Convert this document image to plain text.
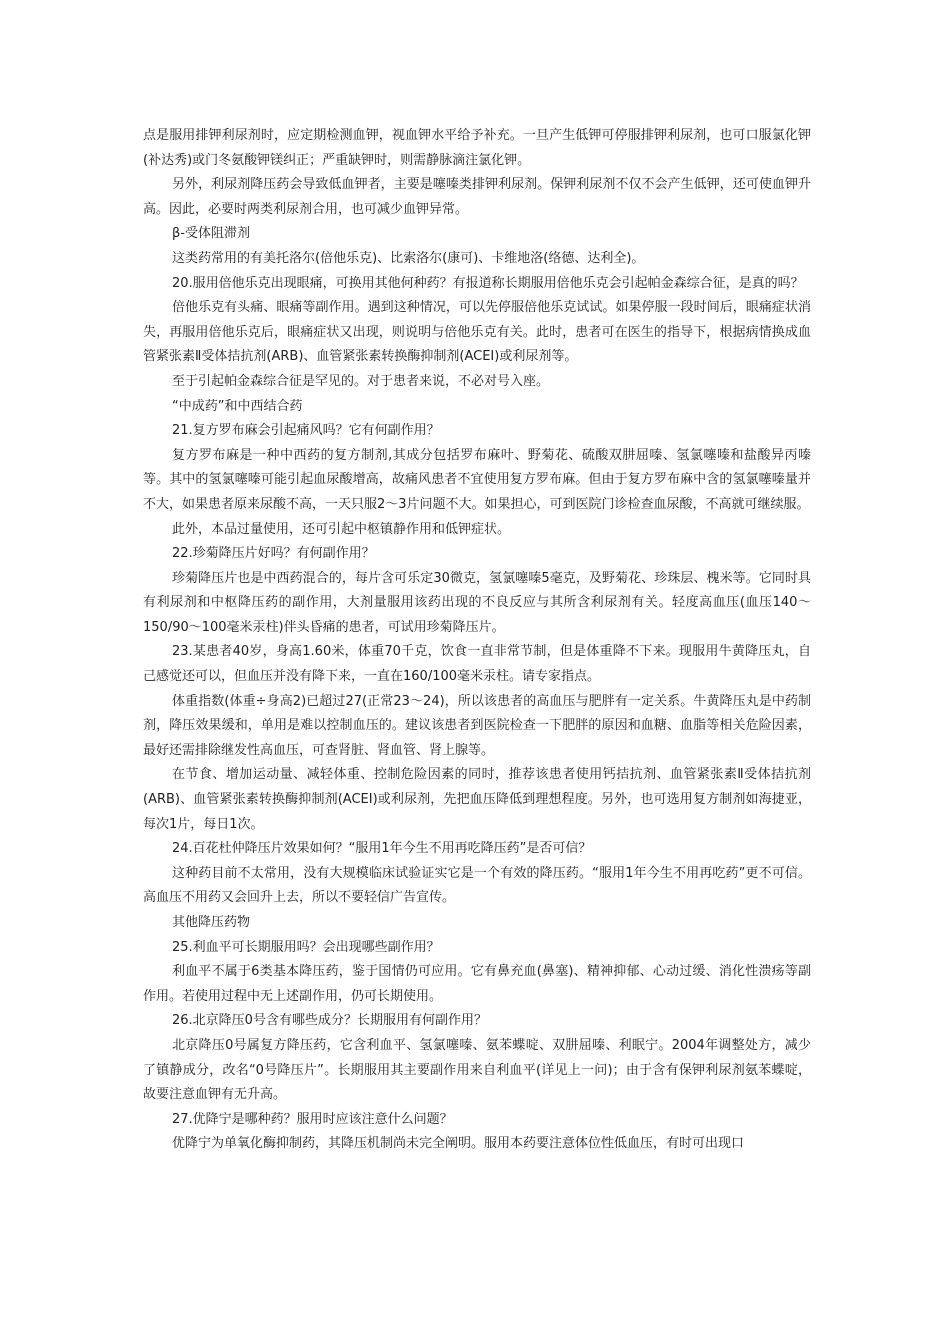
点是服用排钾利尿剂时，应定期检测血钾，视血钾水平给予补充。一旦产生低钾可停服排钾利尿剂，也可口服氯化钾(补达秀)或门冬氨酸钾镁纠正；严重缺钾时，则需静脉滴注氯化钾。

另外，利尿剂降压药会导致低血钾者，主要是噻嗪类排钾利尿剂。保钾利尿剂不仅不会产生低钾，还可使血钾升高。因此，必要时两类利尿剂合用，也可减少血钾异常。

β-受体阻滞剂

这类药常用的有美托洛尔(倍他乐克)、比索洛尔(康可)、卡维地洛(络德、达利全)。

20.服用倍他乐克出现眼痛，可换用其他何种药？有报道称长期服用倍他乐克会引起帕金森综合征，是真的吗？

倍他乐克有头痛、眼痛等副作用。遇到这种情况，可以先停服倍他乐克试试。如果停服一段时间后，眼痛症状消失，再服用倍他乐克后，眼痛症状又出现，则说明与倍他乐克有关。此时，患者可在医生的指导下，根据病情换成血管紧张素Ⅱ受体拮抗剂(ARB)、血管紧张素转换酶抑制剂(ACEI)或利尿剂等。

至于引起帕金森综合征是罕见的。对于患者来说，不必对号入座。

“中成药”和中西结合药

21.复方罗布麻会引起痛风吗？它有何副作用？

复方罗布麻是一种中西药的复方制剂,其成分包括罗布麻叶、野菊花、硫酸双肼屈嗪、氢氯噻嗪和盐酸异丙嗪等。其中的氢氯噻嗪可能引起血尿酸增高，故痛风患者不宜使用复方罗布麻。但由于复方罗布麻中含的氢氯噻嗪量并不大，如果患者原来尿酸不高，一天只服2～3片问题不大。如果担心，可到医院门诊检查血尿酸，不高就可继续服。

此外，本品过量使用，还可引起中枢镇静作用和低钾症状。

22.珍菊降压片好吗？有何副作用？

珍菊降压片也是中西药混合的，每片含可乐定30微克，氢氯噻嗪5毫克，及野菊花、珍珠层、槐米等。它同时具有利尿剂和中枢降压药的副作用，大剂量服用该药出现的不良反应与其所含利尿剂有关。轻度高血压(血压140～150/90～100毫米汞柱)伴头昏痛的患者，可试用珍菊降压片。

23.某患者40岁，身高1.60米，体重70千克，饮食一直非常节制，但是体重降不下来。现服用牛黄降压丸，自己感觉还可以，但血压并没有降下来，一直在160/100毫米汞柱。请专家指点。

体重指数(体重÷身高2)已超过27(正常23～24)，所以该患者的高血压与肥胖有一定关系。牛黄降压丸是中药制剂，降压效果缓和，单用是难以控制血压的。建议该患者到医院检查一下肥胖的原因和血糖、血脂等相关危险因素，最好还需排除继发性高血压，可查肾脏、肾血管、肾上腺等。

在节食、增加运动量、减轻体重、控制危险因素的同时，推荐该患者使用钙拮抗剂、血管紧张素Ⅱ受体拮抗剂(ARB)、血管紧张素转换酶抑制剂(ACEI)或利尿剂，先把血压降低到理想程度。另外，也可选用复方制剂如海捷亚，每次1片，每日1次。

24.百花杜仲降压片效果如何？“服用1年今生不用再吃降压药”是否可信？

这种药目前不太常用，没有大规模临床试验证实它是一个有效的降压药。“服用1年今生不用再吃药”更不可信。高血压不用药又会回升上去，所以不要轻信广告宣传。

其他降压药物

25.利血平可长期服用吗？会出现哪些副作用？

利血平不属于6类基本降压药，鉴于国情仍可应用。它有鼻充血(鼻塞)、精神抑郁、心动过缓、消化性溃疡等副作用。若使用过程中无上述副作用，仍可长期使用。

26.北京降压0号含有哪些成分？长期服用有何副作用？

北京降压0号属复方降压药，它含利血平、氢氯噻嗪、氨苯蝶啶、双肼屈嗪、利眠宁。2004年调整处方，减少了镇静成分，改名“0号降压片”。长期服用其主要副作用来自利血平(详见上一问)；由于含有保钾利尿剂氨苯蝶啶，故要注意血钾有无升高。

27.优降宁是哪种药？服用时应该注意什么问题？

优降宁为单氧化酶抑制药，其降压机制尚未完全阐明。服用本药要注意体位性低血压，有时可出现口
